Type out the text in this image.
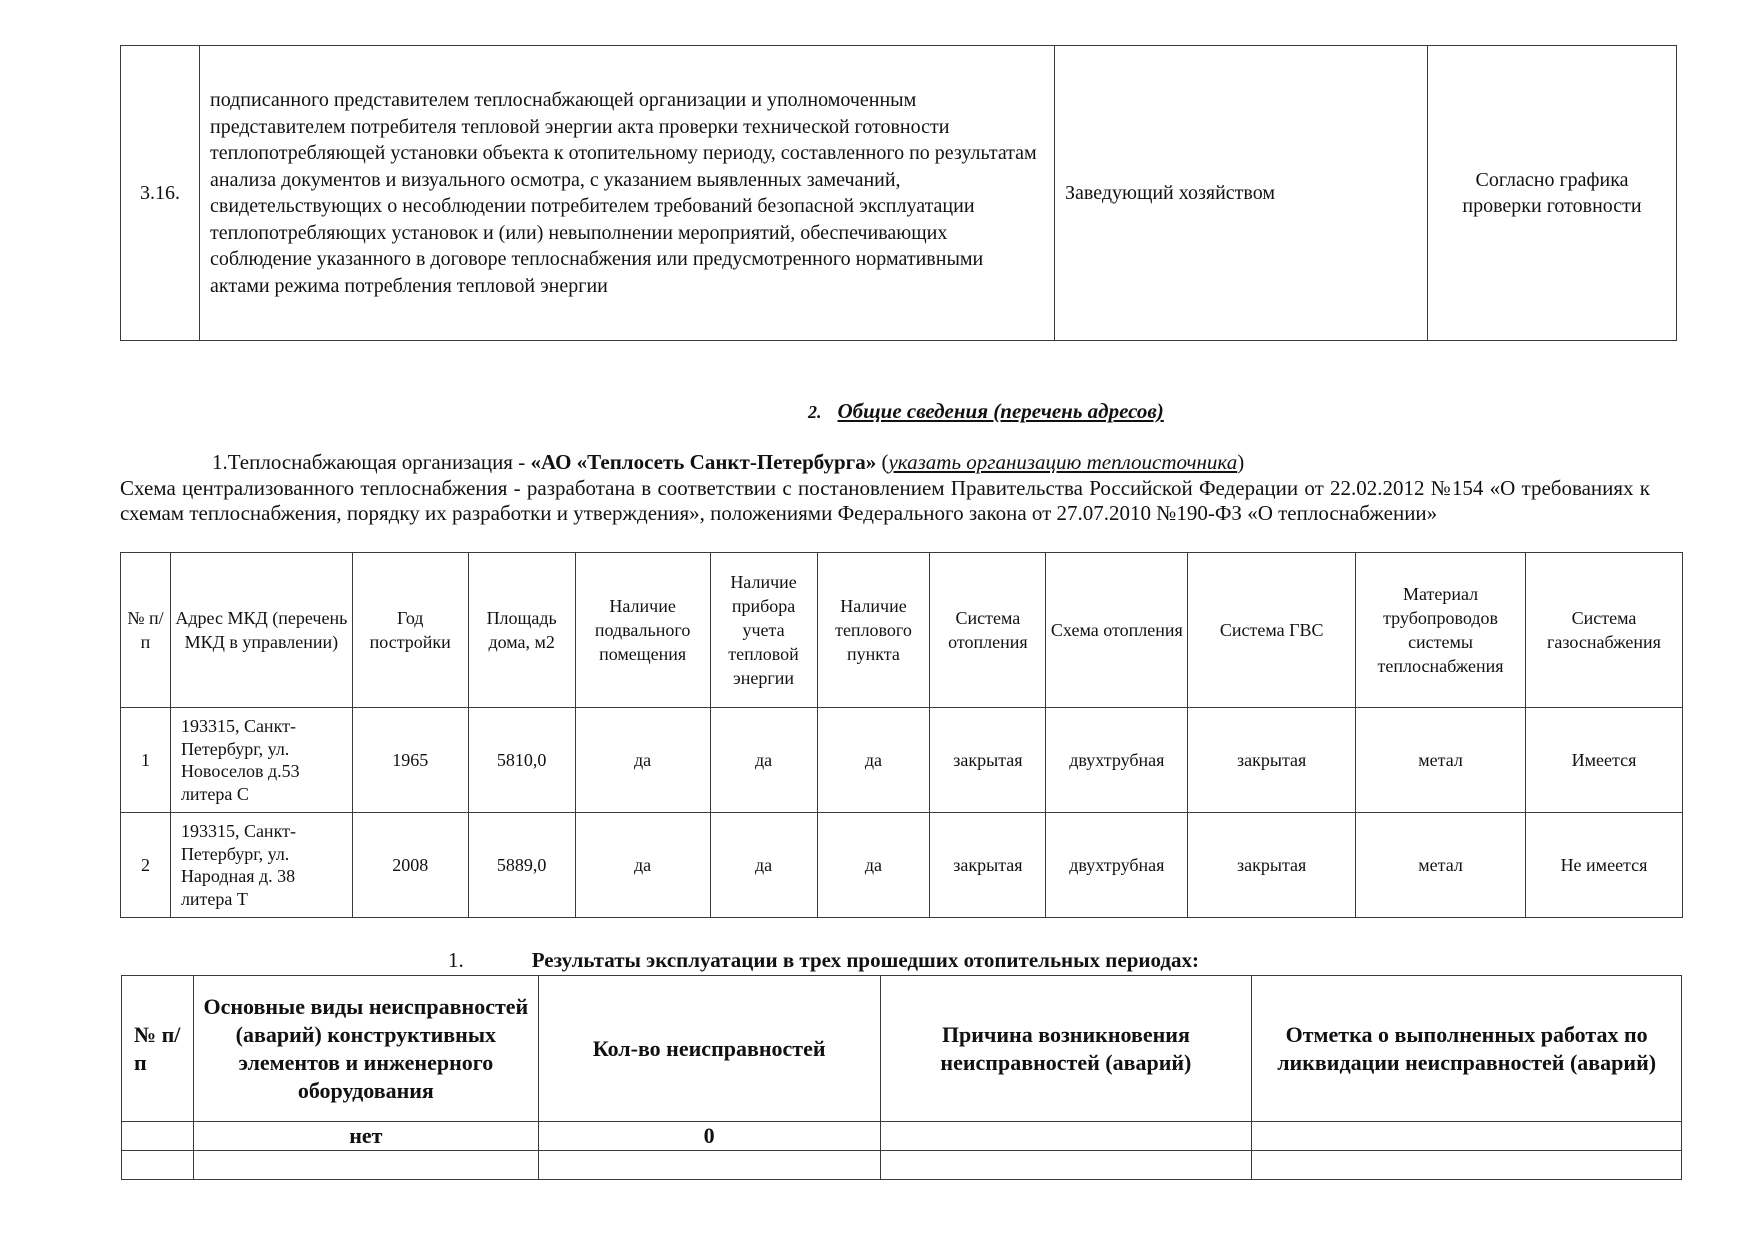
3.16.	подписанного представителем теплоснабжающей организации и уполномоченным представителем потребителя тепловой энергии акта проверки технической готовности теплопотребляющей установки объекта к отопительному периоду, составленного по результатам анализа документов и визуального осмотра, с указанием выявленных замечаний, свидетельствующих о несоблюдении потребителем требований безопасной эксплуатации теплопотребляющих установок и (или) невыполнении мероприятий, обеспечивающих соблюдение указанного в договоре теплоснабжения или предусмотренного нормативными актами режима потребления тепловой энергии	Заведующий хозяйством	Согласно графика проверки готовности
2. Общие сведения (перечень адресов)
1.Теплоснабжающая организация - «АО «Теплосеть Санкт-Петербурга» (указать организацию теплоисточника)
Схема централизованного теплоснабжения - разработана в соответствии с постановлением Правительства Российской Федерации от 22.02.2012 №154 «О требованиях к схемам теплоснабжения, порядку их разработки и утверждения», положениями Федерального закона от 27.07.2010 №190-ФЗ «О теплоснабжении»
№ п/п	Адрес МКД (перечень МКД в управлении)	Год постройки	Площадь дома, м2	Наличие подвального помещения	Наличие прибора учета тепловой энергии	Наличие теплового пункта	Система отопления	Схема отопления	Система ГВС	Материал трубопроводов системы теплоснабжения	Система газоснабжения
1	193315, Санкт-Петербург, ул. Новоселов д.53 литера С	1965	5810,0	да	да	да	закрытая	двухтрубная	закрытая	метал	Имеется
2	193315, Санкт-Петербург, ул. Народная д. 38 литера Т	2008	5889,0	да	да	да	закрытая	двухтрубная	закрытая	метал	Не имеется
1.	Результаты эксплуатации в трех прошедших отопительных периодах:
№ п/п	Основные виды неисправностей (аварий) конструктивных элементов и инженерного оборудования	Кол-во неисправностей	Причина возникновения неисправностей (аварий)	Отметка о выполненных работах по ликвидации неисправностей (аварий)
	нет	0		
